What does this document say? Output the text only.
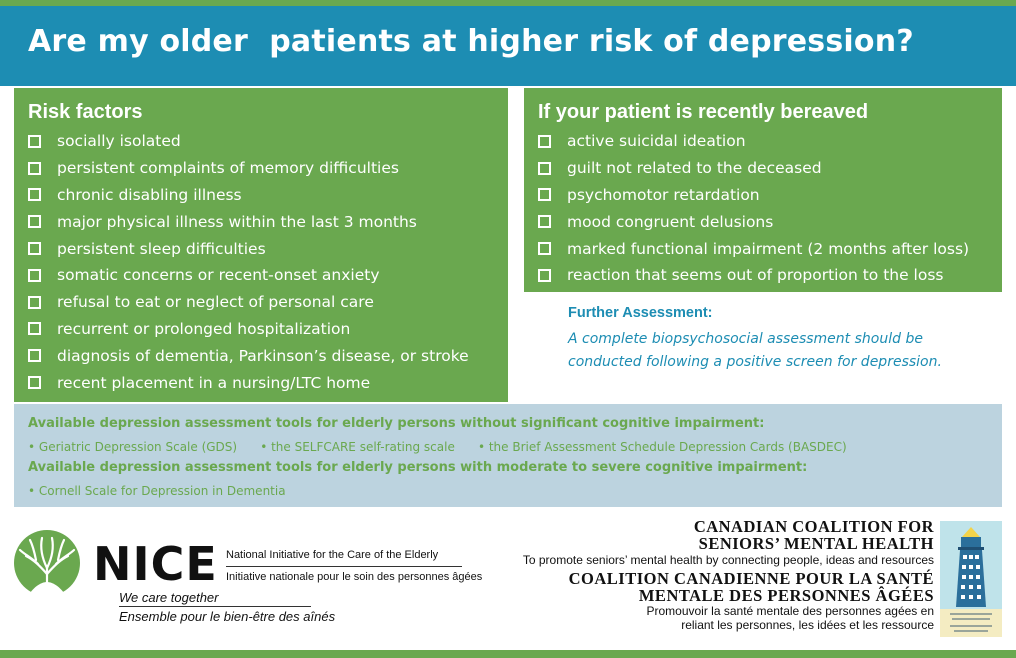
Are my older  patients at higher risk of depression?
Risk factors
socially isolated
persistent complaints of memory difficulties
chronic disabling illness
major physical illness within the last 3 months
persistent sleep difficulties
somatic concerns or recent-onset anxiety
refusal to eat or neglect of personal care
recurrent or prolonged hospitalization
diagnosis of dementia, Parkinson’s disease, or stroke
recent placement in a nursing/LTC home
If your patient is recently bereaved
active suicidal ideation
guilt not related to the deceased
psychomotor retardation
mood congruent delusions
marked functional impairment (2 months after loss)
reaction that seems out of proportion to the loss
Further Assessment:
A complete biopsychosocial assessment should be
conducted following a positive screen for depression.
Available depression assessment tools for elderly persons without significant cognitive impairment:
• Geriatric Depression Scale (GDS) • the SELFCARE self-rating scale • the Brief Assessment Schedule Depression Cards (BASDEC)
Available depression assessment tools for elderly persons with moderate to severe cognitive impairment:
• Cornell Scale for Depression in Dementia
NICE National Initiative for the Care of the Elderly
Initiative nationale pour le soin des personnes âgées
We care together
Ensemble pour le bien-être des aînés
CANADIAN COALITION FOR
SENIORS’ MENTAL HEALTH
To promote seniors’ mental health by connecting people, ideas and resources
COALITION CANADIENNE POUR LA SANTÉ
MENTALE DES PERSONNES ÂGÉES
Promouvoir la santé mentale des personnes agées en
reliant les personnes, les idées et les ressource
